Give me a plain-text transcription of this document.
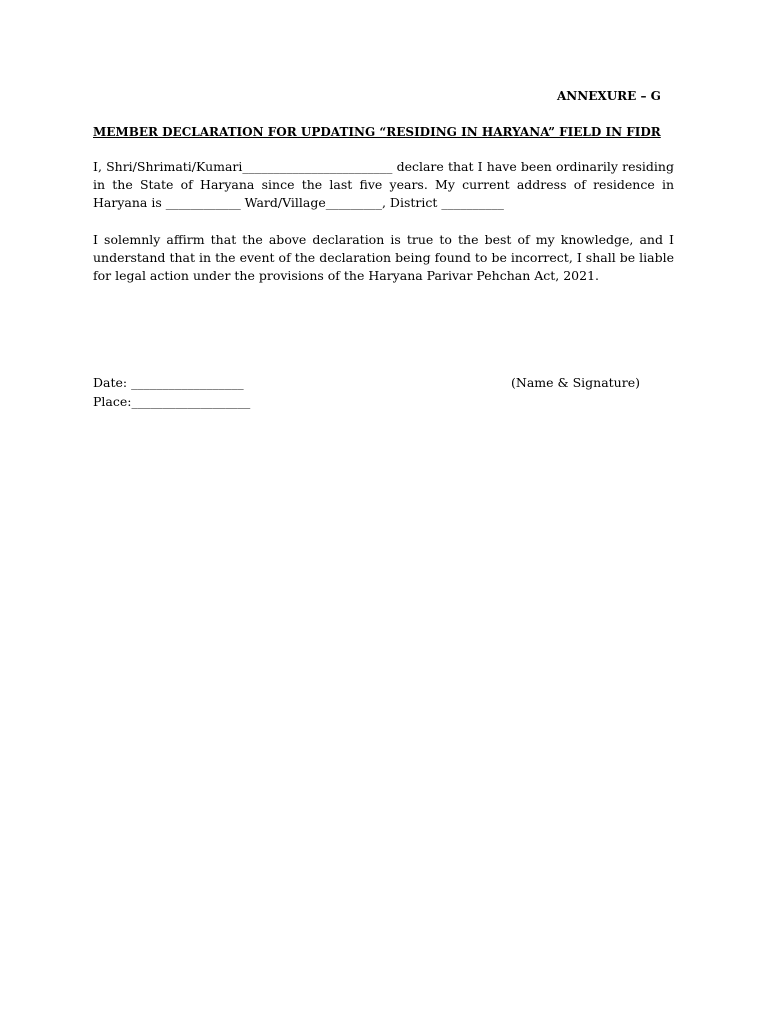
ANNEXURE – G
MEMBER DECLARATION FOR UPDATING “RESIDING IN HARYANA” FIELD IN FIDR
I, Shri/Shrimati/Kumari________________________ declare that I have been ordinarily residing in the State of Haryana since the last five years. My current address of residence in Haryana is ____________ Ward/Village_________, District __________
I solemnly affirm that the above declaration is true to the best of my knowledge, and I understand that in the event of the declaration being found to be incorrect, I shall be liable for legal action under the provisions of the Haryana Parivar Pehchan Act, 2021.
Date: __________________
Place:___________________
(Name & Signature)
